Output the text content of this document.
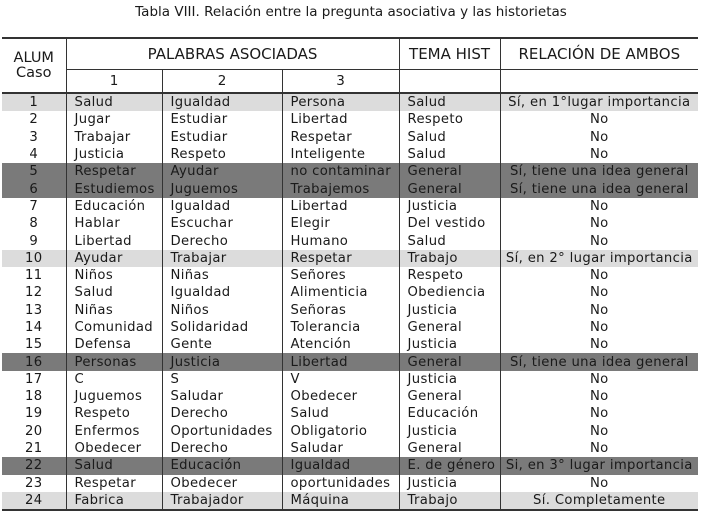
Tabla VIII. Relación entre la pregunta asociativa y las historietas
ALUM
Caso	PALABRAS ASOCIADAS			TEMA HIST	RELACIÓN DE AMBOS
	1	2	3		
1	Salud	Igualdad	Persona	Salud	Sí, en 1°lugar importancia
2	Jugar	Estudiar	Libertad	Respeto	No
3	Trabajar	Estudiar	Respetar	Salud	No
4	Justicia	Respeto	Inteligente	Salud	No
5	Respetar	Ayudar	no contaminar	General	Sí, tiene una idea general
6	Estudiemos	Juguemos	Trabajemos	General	Sí, tiene una idea general
7	Educación	Igualdad	Libertad	Justicia	No
8	Hablar	Escuchar	Elegir	Del vestido	No
9	Libertad	Derecho	Humano	Salud	No
10	Ayudar	Trabajar	Respetar	Trabajo	Sí, en 2° lugar importancia
11	Niños	Niñas	Señores	Respeto	No
12	Salud	Igualdad	Alimenticia	Obediencia	No
13	Niñas	Niños	Señoras	Justicia	No
14	Comunidad	Solidaridad	Tolerancia	General	No
15	Defensa	Gente	Atención	Justicia	No
16	Personas	Justicia	Libertad	General	Sí, tiene una idea general
17	C	S	V	Justicia	No
18	Juguemos	Saludar	Obedecer	General	No
19	Respeto	Derecho	Salud	Educación	No
20	Enfermos	Oportunidades	Obligatorio	Justicia	No
21	Obedecer	Derecho	Saludar	General	No
22	Salud	Educación	Igualdad	E. de género	Si, en 3° lugar importancia
23	Respetar	Obedecer	oportunidades	Justicia	No
24	Fabrica	Trabajador	Máquina	Trabajo	Sí. Completamente
